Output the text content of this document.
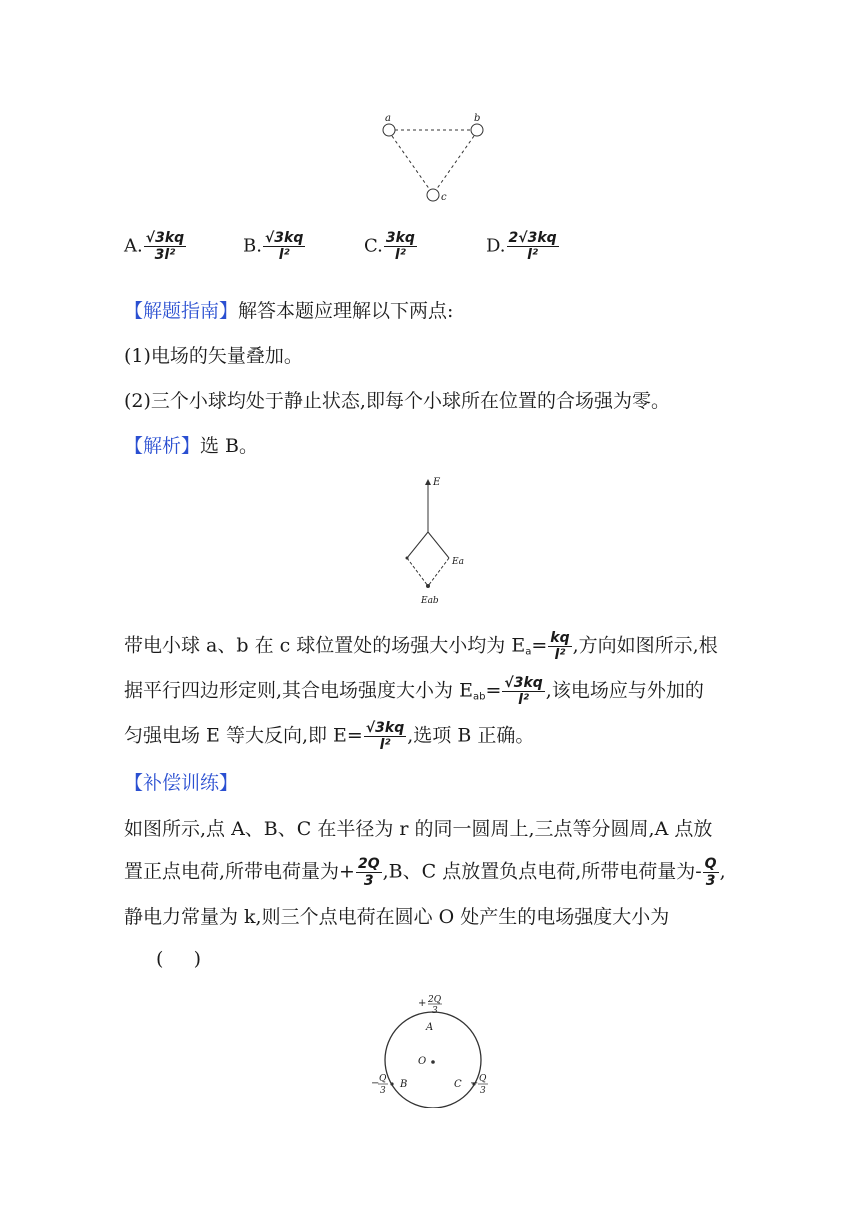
a	b
c
A. $\frac{√3kq}{\text{3l²}}$	B. $\frac{√3kq}{\text{l²}}$	C. $\frac{3kq}{\text{l²}}$	D. $\frac{2√3kq}{\text{l²}}$
【解题指南】解答本题应理解以下两点:
(1)电场的矢量叠加。
(2)三个小球均处于静止状态,即每个小球所在位置的合场强为零。
【解析】选 B。
E
Ea
Eab
带电小球 a、b 在 c 球位置处的场强大小均为 $E_a= \frac{kq}{\text{l²}}$ ,方向如图所示,根
据平行四边形定则,其合电场强度大小为 $E_{ab}= \frac{√3kq}{\text{l²}}$ ,该电场应与外加的
匀强电场 E 等大反向,即 $E= \frac{√3kq}{\text{l²}}$ ,选项 B 正确。
【补偿训练】
如图所示,点 A、B、C 在半径为 r 的同一圆周上,三点等分圆周,A 点放
置正点电荷,所带电荷量为+ $\frac{2Q}{3} ,B$、C 点放置负点电荷,所带电荷量为- $\frac{Q}{3}$ ,
静电力常量为 k,则三个点电荷在圆心 O 处产生的电场强度大小为
(     )
+ 2Q
3
A
O
B	C
− Q
3
− Q
3
